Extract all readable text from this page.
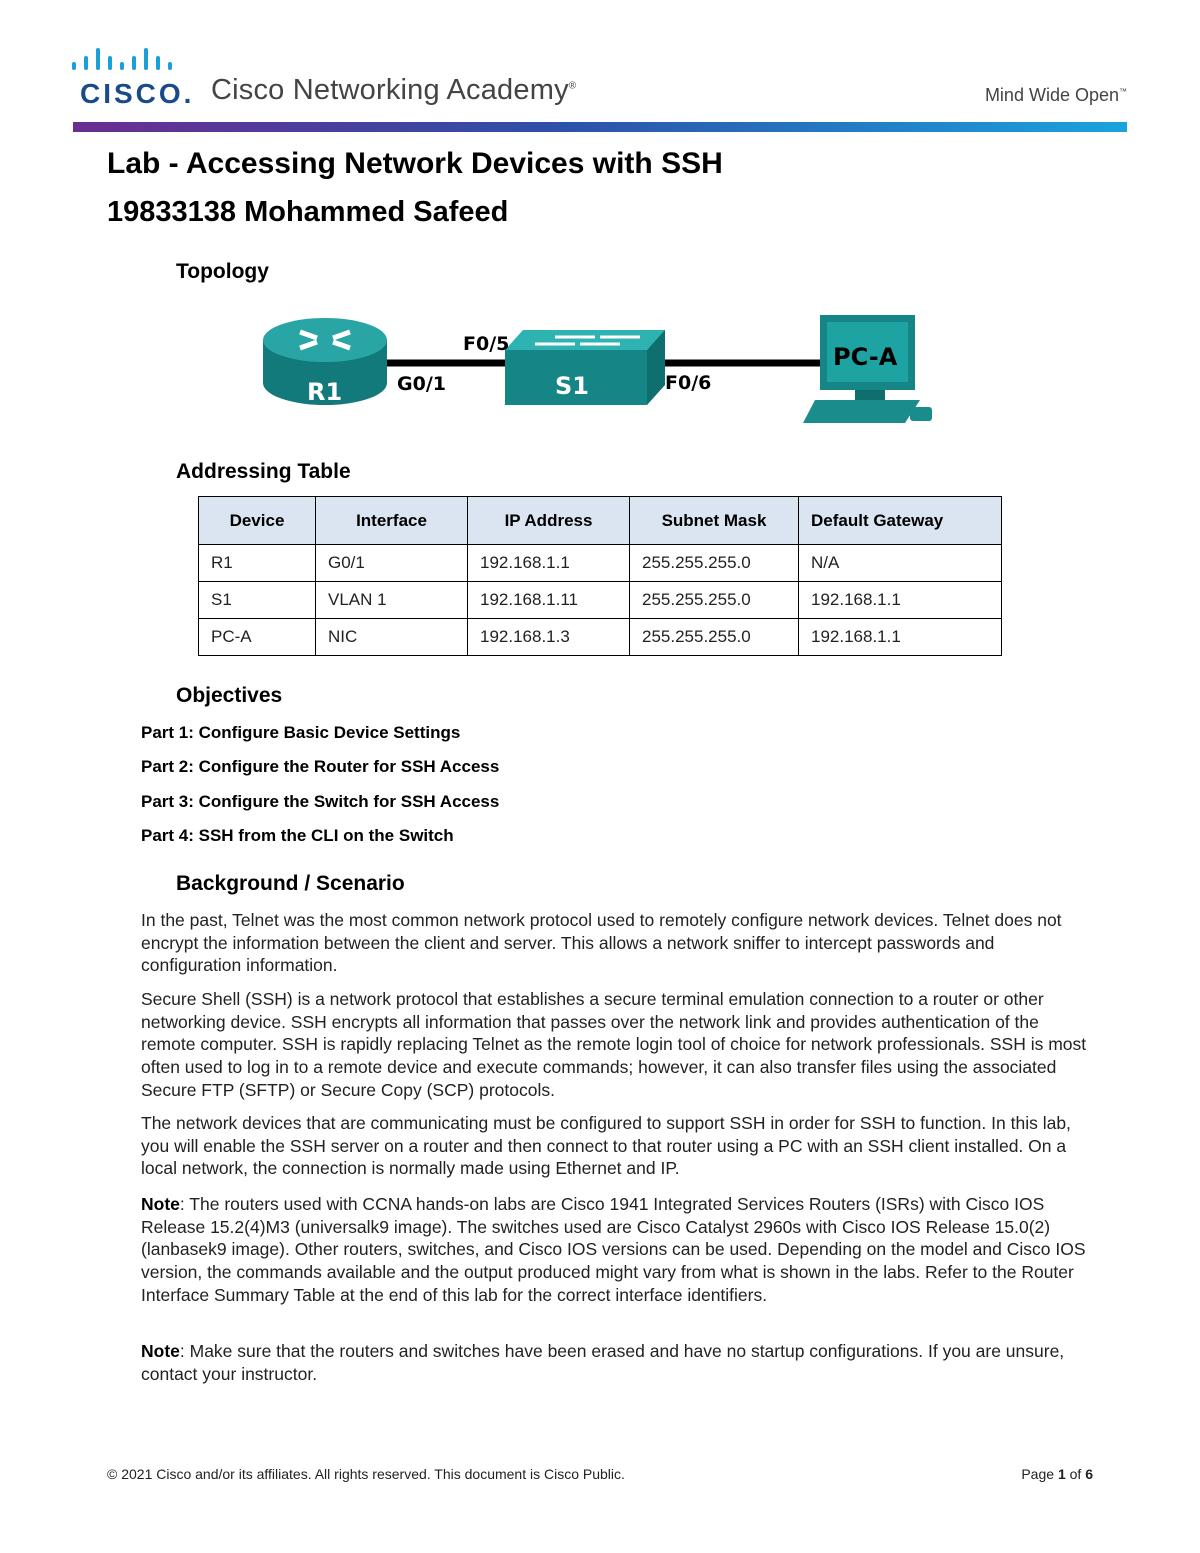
CISCO. Cisco Networking Academy®	Mind Wide Open™
Lab - Accessing Network Devices with SSH
19833138 Mohammed Safeed
Topology
R1	S1
PC-A
G0/1
F0/5
F0/6
Addressing Table
Device	Interface	IP Address	Subnet Mask	Default Gateway
R1	G0/1	192.168.1.1	255.255.255.0	N/A
S1	VLAN 1	192.168.1.11	255.255.255.0	192.168.1.1
PC-A	NIC	192.168.1.3	255.255.255.0	192.168.1.1
Objectives
Part 1: Configure Basic Device Settings
Part 2: Configure the Router for SSH Access
Part 3: Configure the Switch for SSH Access
Part 4: SSH from the CLI on the Switch
Background / Scenario
In the past, Telnet was the most common network protocol used to remotely configure network devices. Telnet does not encrypt the information between the client and server. This allows a network sniffer to intercept passwords and configuration information.
Secure Shell (SSH) is a network protocol that establishes a secure terminal emulation connection to a router or other networking device. SSH encrypts all information that passes over the network link and provides authentication of the remote computer. SSH is rapidly replacing Telnet as the remote login tool of choice for network professionals. SSH is most often used to log in to a remote device and execute commands; however, it can also transfer files using the associated Secure FTP (SFTP) or Secure Copy (SCP) protocols.
The network devices that are communicating must be configured to support SSH in order for SSH to function. In this lab, you will enable the SSH server on a router and then connect to that router using a PC with an SSH client installed. On a local network, the connection is normally made using Ethernet and IP.
Note: The routers used with CCNA hands-on labs are Cisco 1941 Integrated Services Routers (ISRs) with Cisco IOS Release 15.2(4)M3 (universalk9 image). The switches used are Cisco Catalyst 2960s with Cisco IOS Release 15.0(2) (lanbasek9 image). Other routers, switches, and Cisco IOS versions can be used. Depending on the model and Cisco IOS version, the commands available and the output produced might vary from what is shown in the labs. Refer to the Router Interface Summary Table at the end of this lab for the correct interface identifiers.
Note: Make sure that the routers and switches have been erased and have no startup configurations. If you are unsure, contact your instructor.
© 2021 Cisco and/or its affiliates. All rights reserved. This document is Cisco Public.	Page 1 of 6
